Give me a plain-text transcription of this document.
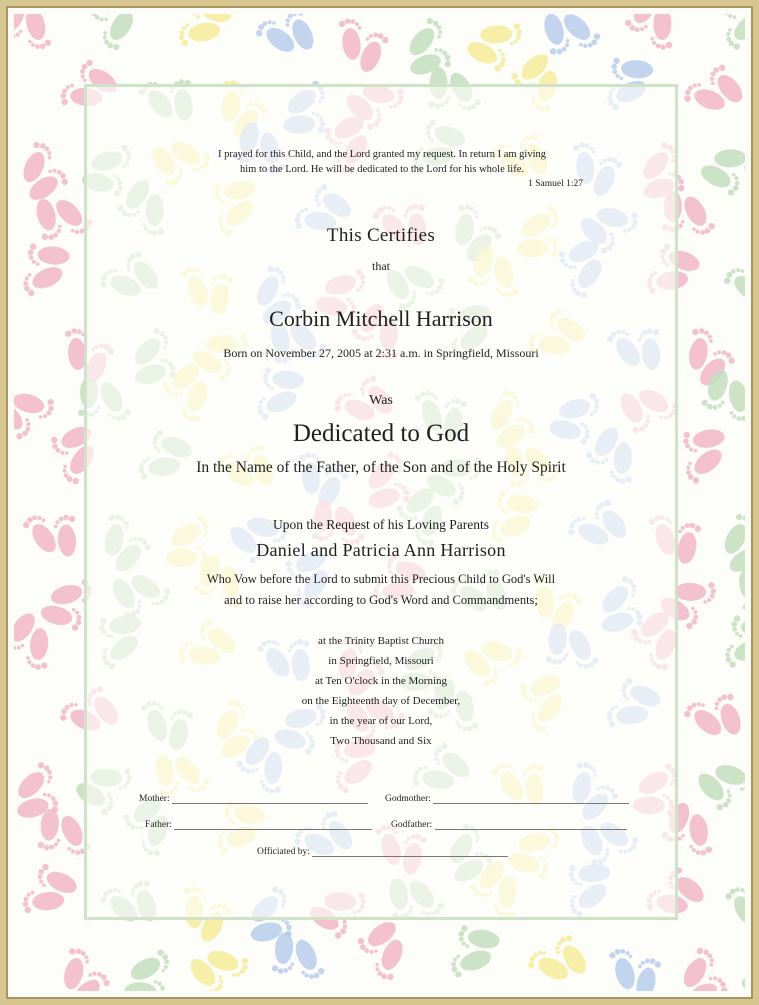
I prayed for this Child, and the Lord granted my request. In return I am giving
him to the Lord. He will be dedicated to the Lord for his whole life.
1 Samuel 1:27
This Certifies
that
Corbin Mitchell Harrison
Born on November 27, 2005 at 2:31 a.m. in Springfield, Missouri
Was
Dedicated to God
In the Name of the Father, of the Son and of the Holy Spirit
Upon the Request of his Loving Parents
Daniel and Patricia Ann Harrison
Who Vow before the Lord to submit this Precious Child to God's Will
and to raise her according to God's Word and Commandments;
at the Trinity Baptist Church
in Springfield, Missouri
at Ten O'clock in the Morning
on the Eighteenth day of December,
in the year of our Lord,
Two Thousand and Six
Mother:	Godmother:
Father:	Godfather:
Officiated by:
